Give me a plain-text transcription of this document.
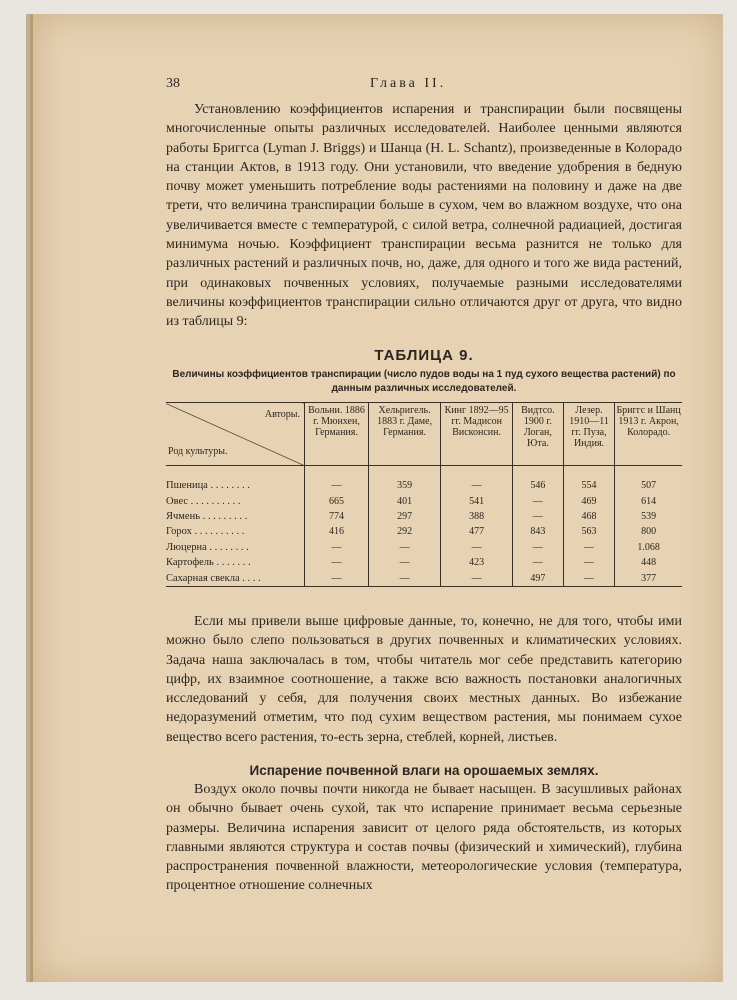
38	Глава II.
Установлению коэффициентов испарения и транспирации были посвящены многочисленные опыты различных исследователей. Наиболее ценными являются работы Бриггса (Lyman J. Briggs) и Шанца (H. L. Schantz), произведенные в Колорадо на станции Актов, в 1913 году. Они установили, что введение удобрения в бедную почву может уменьшить потребление воды растениями на половину и даже на две трети, что величина транспирации больше в сухом, чем во влажном воздухе, что она увеличивается вместе с температурой, с силой ветра, солнечной радиацией, достигая минимума ночью. Коэффициент транспирации весьма разнится не только для различных растений и различных почв, но, даже, для одного и того же вида растений, при одинаковых почвенных условиях, получаемые разными исследователями величины коэффициентов транспирации сильно отличаются друг от друга, что видно из таблицы 9:
ТАБЛИЦА 9.
Величины коэффициентов транспирации (число пудов воды на 1 пуд сухого вещества растений) по данным различных исследователей.
Авторы.
Род культуры.	Вольни. 1886 г. Мюнхен, Германия.	Хельригель. 1883 г. Даме, Германия.	Кинг 1892—95 гг. Мадисон Висконсин.	Видтсо. 1900 г. Логан, Юта.	Лезер. 1910—11 гг. Пуза, Индия.	Бриггс и Шанц 1913 г. Акрон, Колорадо.

Пшеница . . . . . . . .	—	359	—	546	554	507
Овес . . . . . . . . . .	665	401	541	—	469	614
Ячмень . . . . . . . . .	774	297	388	—	468	539
Горох . . . . . . . . . .	416	292	477	843	563	800
Люцерна . . . . . . . .	—	—	—	—	—	1.068
Картофель . . . . . . .	—	—	423	—	—	448
Сахарная свекла . . . .	—	—	—	497	—	377
Если мы привели выше цифровые данные, то, конечно, не для того, чтобы ими можно было слепо пользоваться в других почвенных и климатических условиях. Задача наша заключалась в том, чтобы читатель мог себе представить категорию цифр, их взаимное соотношение, а также всю важность постановки аналогичных исследований у себя, для получения своих местных данных. Во избежание недоразумений отметим, что под сухим веществом растения, мы понимаем сухое вещество всего растения, то-есть зерна, стеблей, корней, листьев.
Испарение почвенной влаги на орошаемых землях.
Воздух около почвы почти никогда не бывает насыщен. В засушливых районах он обычно бывает очень сухой, так что испарение принимает весьма серьезные размеры. Величина испарения зависит от целого ряда обстоятельств, из которых главными являются структура и состав почвы (физический и химический), глубина распространения почвенной влажности, метеорологические условия (температура, процентное отношение солнечных
